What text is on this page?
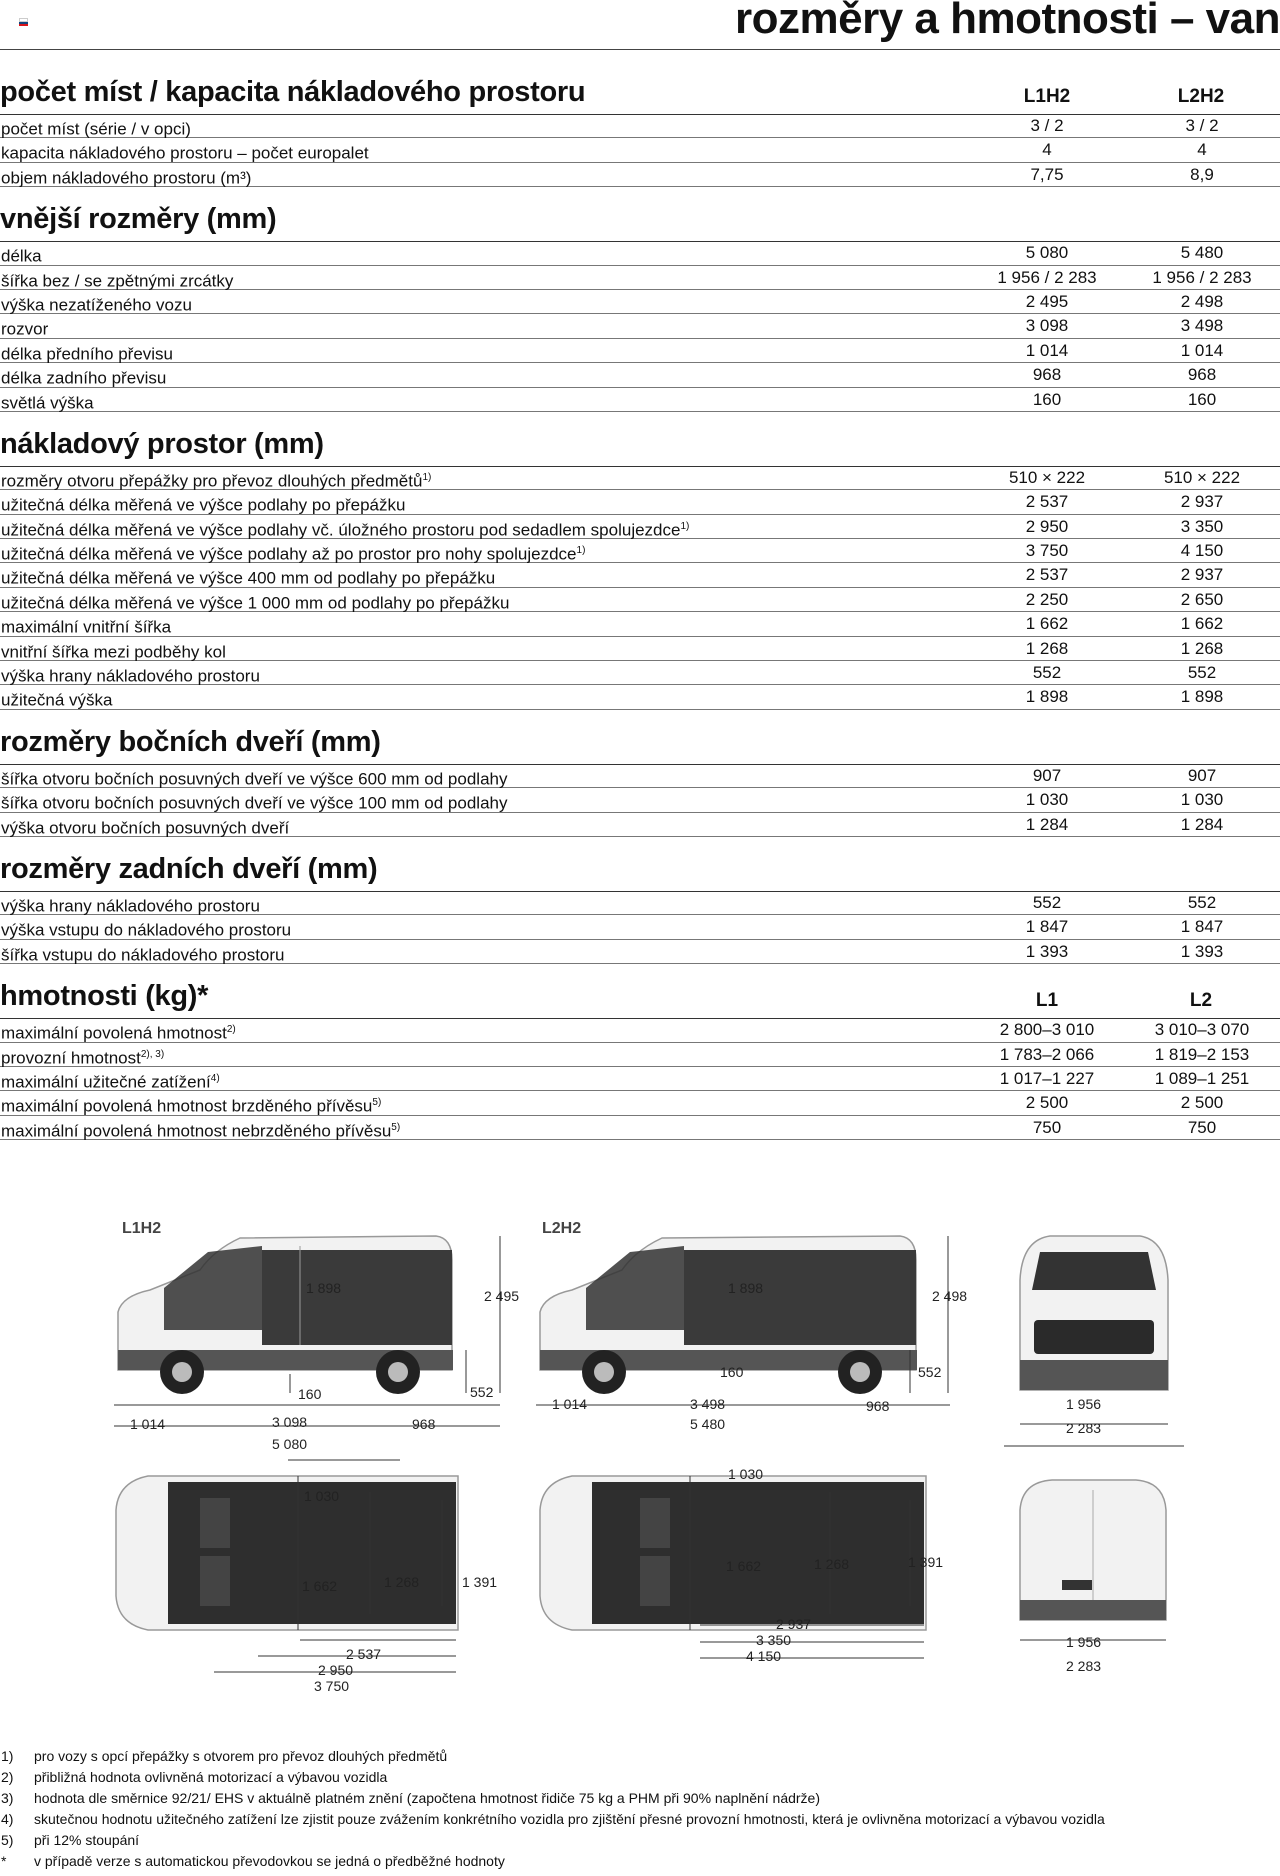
rozměry a hmotnosti – van
počet míst / kapacita nákladového prostoru	L1H2	L2H2
počet míst (série / v opci)	3 / 2	3 / 2
kapacita nákladového prostoru – počet europalet	4	4
objem nákladového prostoru (m³)	7,75	8,9
vnější rozměry (mm)
délka	5 080	5 480
šířka bez / se zpětnými zrcátky	1 956 / 2 283	1 956 / 2 283
výška nezatíženého vozu	2 495	2 498
rozvor	3 098	3 498
délka předního převisu	1 014	1 014
délka zadního převisu	968	968
světlá výška	160	160
nákladový prostor (mm)
rozměry otvoru přepážky pro převoz dlouhých předmětů$^{1)}$	510 × 222	510 × 222
užitečná délka měřená ve výšce podlahy po přepážku	2 537	2 937
užitečná délka měřená ve výšce podlahy vč. úložného prostoru pod sedadlem spolujezdce$^{1)}$	2 950	3 350
užitečná délka měřená ve výšce podlahy až po prostor pro nohy spolujezdce$^{1)}$	3 750	4 150
užitečná délka měřená ve výšce 400 mm od podlahy po přepážku	2 537	2 937
užitečná délka měřená ve výšce 1 000 mm od podlahy po přepážku	2 250	2 650
maximální vnitřní šířka	1 662	1 662
vnitřní šířka mezi podběhy kol	1 268	1 268
výška hrany nákladového prostoru	552	552
užitečná výška	1 898	1 898
rozměry bočních dveří (mm)
šířka otvoru bočních posuvných dveří ve výšce 600 mm od podlahy	907	907
šířka otvoru bočních posuvných dveří ve výšce 100 mm od podlahy	1 030	1 030
výška otvoru bočních posuvných dveří	1 284	1 284
rozměry zadních dveří (mm)
výška hrany nákladového prostoru	552	552
výška vstupu do nákladového prostoru	1 847	1 847
šířka vstupu do nákladového prostoru	1 393	1 393
hmotnosti (kg)*	L1	L2
maximální povolená hmotnost$^{2)}$	2 800–3 010	3 010–3 070
provozní hmotnost$^{2), 3)}$	1 783–2 066	1 819–2 153
maximální užitečné zatížení$^{4)}$	1 017–1 227	1 089–1 251
maximální povolená hmotnost brzděného přívěsu$^{5)}$	2 500	2 500
maximální povolená hmotnost nebrzděného přívěsu$^{5)}$	750	750
L1H2	L2H2
1 898	2 495
160	552
1 014	3 098	968
5 080
1 898	2 498
160	552
1 014	3 498	968
5 480
1 956
2 283
1 030
1 662	1 268	1 391
2 537
2 950
3 750
1 030
1 662	1 268	1 391
2 937
3 350
4 150
1 956
2 283
1) pro vozy s opcí přepážky s otvorem pro převoz dlouhých předmětů
2) přibližná hodnota ovlivněná motorizací a výbavou vozidla
3) hodnota dle směrnice 92/21/ EHS v aktuálně platném znění (započtena hmotnost řidiče 75 kg a PHM při 90% naplnění nádrže)
4) skutečnou hodnotu užitečného zatížení lze zjistit pouze zvážením konkrétního vozidla pro zjištění přesné provozní hmotnosti, která je ovlivněna motorizací a výbavou vozidla
5) při 12% stoupání
* v případě verze s automatickou převodovkou se jedná o předběžné hodnoty
